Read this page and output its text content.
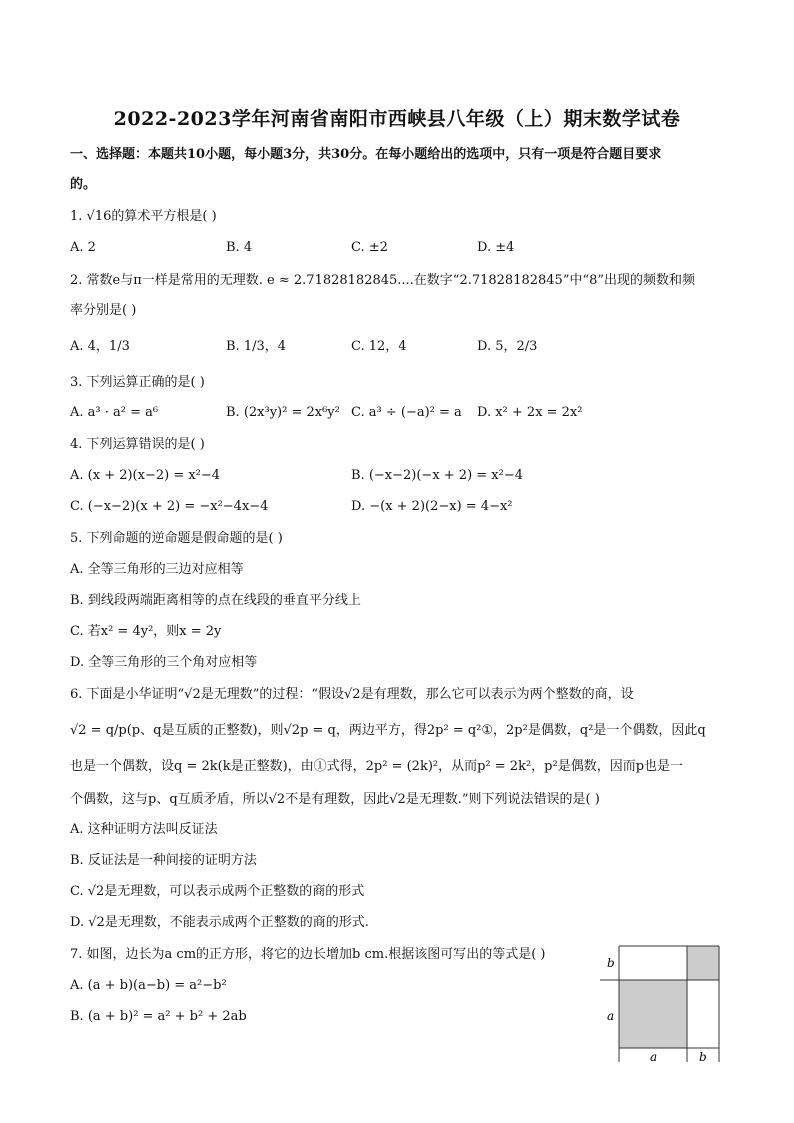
2022-2023学年河南省南阳市西峡县八年级（上）期末数学试卷
一、选择题：本题共10小题，每小题3分，共30分。在每小题给出的选项中，只有一项是符合题目要求
的。
1. √16的算术平方根是( )
A. 2	B. 4	C. ±2	D. ±4
2. 常数e与π一样是常用的无理数. e ≈ 2.71828182845....在数字“2.71828182845”中“8”出现的频数和频
率分别是( )
A. 4，1/3	B. 1/3，4	C. 12，4	D. 5，2/3
3. 下列运算正确的是( )
A. a³ · a² = a⁶	B. (2x³y)² = 2x⁶y² C. a³ ÷ (−a)² = a D. x² + 2x = 2x²
4. 下列运算错误的是( )
A. (x + 2)(x−2) = x²−4	B. (−x−2)(−x + 2) = x²−4
C. (−x−2)(x + 2) = −x²−4x−4	D. −(x + 2)(2−x) = 4−x²
5. 下列命题的逆命题是假命题的是( )
A. 全等三角形的三边对应相等
B. 到线段两端距离相等的点在线段的垂直平分线上
C. 若x² = 4y²，则x = 2y
D. 全等三角形的三个角对应相等
6. 下面是小华证明“√2是无理数”的过程：“假设√2是有理数，那么它可以表示为两个整数的商，设
√2 = q/p(p、q是互质的正整数)，则√2p = q，两边平方，得2p² = q²①，2p²是偶数，q²是一个偶数，因此q
也是一个偶数，设q = 2k(k是正整数)，由①式得，2p² = (2k)²，从而p² = 2k²，p²是偶数，因而p也是一
个偶数，这与p、q互质矛盾，所以√2不是有理数，因此√2是无理数.”则下列说法错误的是( )
A. 这种证明方法叫反证法
B. 反证法是一种间接的证明方法
C. √2是无理数，可以表示成两个正整数的商的形式
D. √2是无理数，不能表示成两个正整数的商的形式.
7. 如图，边长为a cm的正方形，将它的边长增加b cm.根据该图可写出的等式是( )
A. (a + b)(a−b) = a²−b²
B. (a + b)² = a² + b² + 2ab
b
a
a	b
